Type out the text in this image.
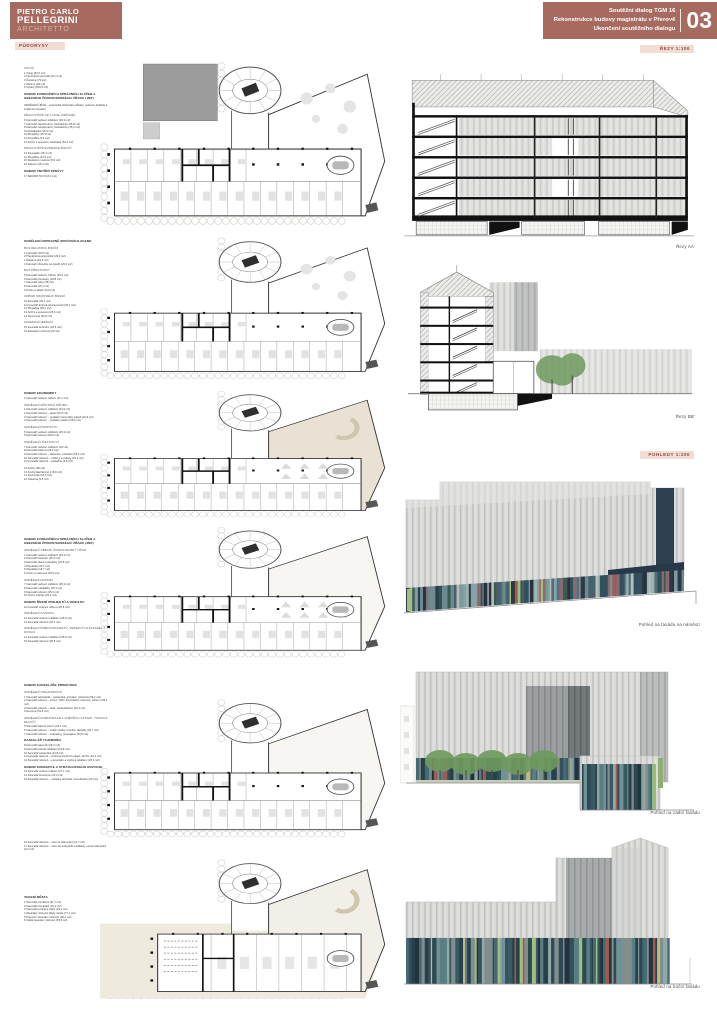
PIETRO CARLO
PELLEGRINI
ARCHITETTO
Soutěžní dialog TGM 16
Rekonstrukce budovy magistrátu v Přerově
Ukončení soutěžního dialogu 03
PŮDORYSY
ŘEZY 1:100
POHLEDY 1:200
VSTUP
1 Vstup (52,6 m2)
2 Informační kancelář (22,1 m2)
3 Čekárna (73 m2)
4 Zázemí (29 m2)
5 Výtahy (103,5 m2)
ODBOR EVIDENČNÍCH SPRÁVNÍCH SLUŽEB A OBECNÍHO ŽIVNOSTENSKÉHO ÚŘADU (1NP)
ODDĚLENÍ ÚŘAD – pracoviště občanské průkazy, cestovní doklady a evidence obyvatel
PRACOVIŠTĚ OP A CD/E (OBČANÉ)
6 Kancelář vedoucí oddělení (26,3 m2)
7 Kancelář zaměstnanci, fotokabinky (65,8 m2)
8 Kancelář zaměstnanci, fotokabinky (45,3 m2)
9 Fotokabinka (16,5 m2)
10 Přepážky (15,3 m2)
11 Přepážka (9,9 m2)
12 Archiv a spisovna, kartotéka (54,3 m2)
PRACOVIŠTĚ EVIDENCE ŘIDIČŮ
13 Kanceláře (26,3 m2)
14 Přepážka (13,9 m2)
15 Zkušební místnost (8,9 m2)
16 Zázemí (25,3 m2)
ODBOR VNITŘNÍ SPRÁVY
17 SENIOR TAXI (15,3 m2)
ODDĚLENÍ DOPRAVNĚ SPRÁVNÍCH AGEND
BUS REGISTRU ŘIDIČŮ
1 Kancelář (49,8 m2)
2 Přepážková pracoviště (29,3 m2)
3 Čekárna (53,8 m2)
4 Komisaři (zkoušky, komisaři) (29,3 m2)
BUS PŘESTUPKŮ
5 Kancelář vedoucí odboru (25,3 m2)
6 Kancelář přestupky (29,8 m2)
7 Kancelář spisy (38 m2)
8 Kancelář (26,1 m2)
9 Archiv a sklad (13,9 m2)
ODBOR KRIZOVÉHO ŘÍZENÍ
10 Kancelář (29,1 m2)
11 Kancelář krizové připravenosti (25,1 m2)
12 Přepážka (29,1 m2)
13 Archiv a spisovna (26,6 m2)
14 Servrovna (26,6 m2)
ZASEDACÍ/JEDNACÍ
15 Kancelář kontrolní (22,6 m2)
16 Zasedací místnost (29 m2)
ODBOR EKONOMIKY
1 Kancelář vedoucí odboru (21,1 m2)
ODDĚLENÍ MÍSTNÍCH PŘÍJMŮ
1 Kancelář vedoucí oddělení (22,6 m2)
2 Kancelář referent – daně (29,3 m2)
3 Kancelář referent – poplatky komunální odpad (22,9 m2)
4 Kancelář referent – poplatky ostatní (29,9 m2)
ODDĚLENÍ ROZPOČTU
5 Kancelář vedoucí oddělení (25,3 m2)
6 Kancelář referent (28,9 m2)
ODDĚLENÍ ÚČETNICTVÍ
7 Kancelář vedoucí oddělení (29 m2)
8 Kancelář účtárna (25,9 m2)
9 Kancelář referent – fakturace, pokladní (65,2 m2)
10 Kancelář referent – účtárny a výkazy (26,4 m2)
11 Kancelář referent – pokladna (9,8 m2)
12 Archiv (28 m2)
13 Kuchyňka/zázemí 2 (8,9 m2)
14 Kuchyňka (18,9 m2)
15 Čekárna (9,5 m2)
ODBOR EVIDENČNÍCH SPRÁVNÍCH SLUŽEB A OBECNÍHO ŽIVNOSTENSKÉHO ÚŘADU (3NP)
ODDĚLENÍ OBECNÍ ŽIVNOSTENSKÝ ÚŘAD
1 Kancelář vedoucí oddělení (25,3 m2)
2 Kancelář kontrolor (25,3 m2)
3 Kancelář obecní přepážky (25,8 m2)
4 Přepážka (19,3 m2)
5 Přepážka (18,7 m2)
6 Archiv a spisovna (18,5 m2)
ODDĚLENÍ MATRIKY
7 Kancelář vedoucí oddělení (25,3 m2)
8 Kancelář matrikářky (25,3 m2)
9 Kancelář referent (25,3 m2)
10 Archiv matriky (26,2 m2)
ODBOR ŘÍZENÍ PROJEKTŮ A INVESTIC
11 Kancelář vedoucí odboru (25,8 m2)
ODDĚLENÍ INVESTIC
12 Kancelář vedoucí oddělení (25,8 m2)
13 Kancelář referent (22,5 m2)
ODDĚLENÍ ŘÍZENÍ PROJEKTŮ, VEŘEJNÝCH ZAKÁZEK A DOTACÍ
14 Kancelář vedoucí oddělení (25,8 m2)
15 Kancelář referent (25,8 m2)
ODBOR KANCELÁŘE PRIMÁTORA
ODDĚLENÍ ORGANIZAČNÍ
1 Kancelář sekretariát – asistentka, primátor, náměstci (56,2 m2)
2 Kancelář referent – právní, řidiči, konzultační místnost, zázemí (49,4 m2)
3 Kancelář referent – rada, zastupitelstvo (22,4 m2)
4 Hovorna (53,8 m2)
ODDĚLENÍ KOMUNIKACE A VNĚJŠÍCH VZTAHŮ, TISKOVÁ MLUVČÍ
5 Kancelář tisková mluvčí (25,4 m2)
6 Kancelář referent – vnější vztahy, kronika, oficiality (26,7 m2)
7 Kancelář referent – marketing, propagace (53,8 m2)
KANCELÁŘ TAJEMNÍKA
8 Kancelář tajemník (26,3 m2)
9 Kancelář právník oddělení (24,8 m2)
10 Kancelář asistentka (21,8 m2)
11 Kancelář referent – ochrana osobních údajů / archiv (22,3 m2)
12 Kancelář referent – personální a mzdové oddělení (28,1 m2)
ODBOR KONCEPCE A STRATEGICKÉHO ROZVOJE
13 Kancelář vedoucí odboru (27,1 m2)
14 Kancelář koncepce (22,3 m2)
15 Kancelář referent – městský architekt / koordinátor (26 m2)
16 Kancelář referent – územní plánování (21,7 m2)
17 Kancelář referent – územně analytické podklady, expert plánování (9,3 m2)
VEDENÍ MĚSTA
1 Kancelář primátora (31,7 m2)
2 Kancelář náměstků (31,4 m2)
3 Kancelář uvolněný radní (22,2 m2)
4 Zasedací místnost Rady města (77,1 m2)
5 Pracovní zasedací místnost (28,4 m2)
6 Velká zasedací místnost (53,5 m2)
Řezy AA'
Řezy BB'
Pohled na fasádu na náměstí
Pohled na zadní fasádu
Pohled na boční fasádu
